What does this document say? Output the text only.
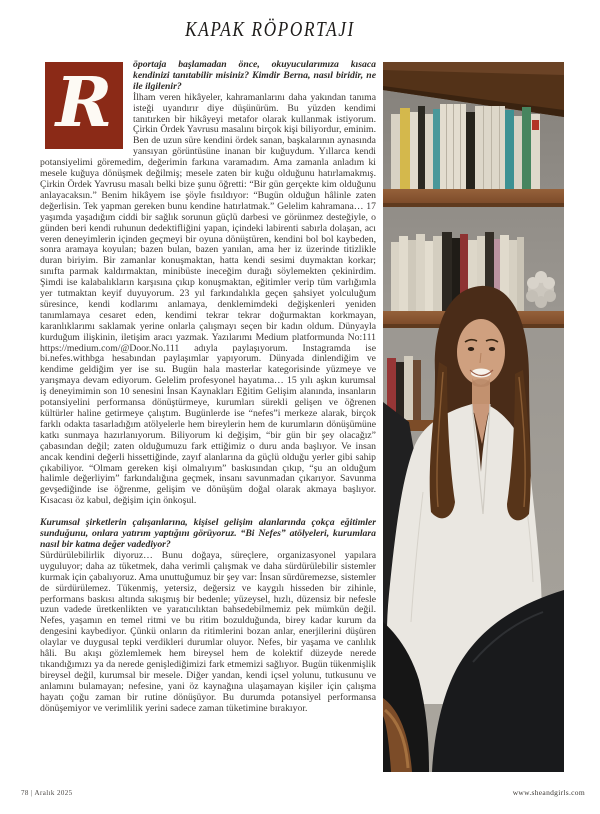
KAPAK RÖPORTAJI

R	öportaja başlamadan önce, okuyucularımıza kısaca kendinizi tanıtabilir misiniz? Kimdir Berna, nasıl biridir, ne ile ilgilenir?

İlham veren hikâyeler, kahramanlarını daha yakından tanıma isteği uyandırır diye düşünürüm. Bu yüzden kendimi tanıtırken bir hikâyeyi metafor olarak kullanmak istiyorum. Çirkin Ördek Yavrusu masalını birçok kişi biliyordur, eminim. Ben de uzun süre kendini ördek sanan, başkalarının aynasında yansıyan görüntüsüne inanan bir kuğuydum. Yıllarca kendi potansiyelimi göremedim, değerimin farkına varamadım. Ama zamanla anladım ki mesele kuğuya dönüşmek değilmiş; mesele zaten bir kuğu olduğunu hatırlamakmış. Çirkin Ördek Yavrusu masalı belki bize şunu öğretti: “Bir gün gerçekte kim olduğunu anlayacaksın.” Benim hikâyem ise şöyle fısıldıyor: “Bugün olduğun hâlinle zaten değerlisin. Tek yapman gereken bunu kendine hatırlatmak.” Gelelim kahramana… 17 yaşımda yaşadığım ciddi bir sağlık sorunun güçlü darbesi ve görünmez desteğiyle, o günden beri kendi ruhunun dedektifliğini yapan, içindeki labirenti sabırla dolaşan, acı veren deneyimlerin içinden geçmeyi bir oyuna dönüştüren, kendini bol bol kaybeden, sonra aramaya koyulan; bazen bulan, bazen yanılan, ama her iz üzerinde titizlikle duran biriyim. Bir zamanlar konuşmaktan, hatta kendi sesimi duymaktan korkar; sınıfta parmak kaldırmaktan, minibüste ineceğim durağı söylemekten çekinirdim. Şimdi ise kalabalıkların karşısına çıkıp konuşmaktan, eğitimler verip tüm varlığımla yer tutmaktan keyif duyuyorum. 23 yıl farkındalıkla geçen şahsiyet yolculuğum süresince, kendi kodlarımı anlamaya, denklemimdeki değişkenleri yeniden tanımlamaya cesaret eden, kendimi tekrar tekrar doğurmaktan korkmayan, karanlıklarımı saklamak yerine onlarla çalışmayı seçen bir kadın oldum. Dünyayla kurduğum ilişkinin, iletişim aracı yazmak. Yazılarımı Medium platformunda No:111 https://medium.com/@Door.No.111 adıyla paylaşıyorum. Instagramda ise bi.nefes.withbga hesabından paylaşımlar yapıyorum. Dünyada dinlendiğim ve kendime geldiğim yer ise su. Bugün hala masterlar kategorisinde yüzmeye ve yarışmaya devam ediyorum. Gelelim profesyonel hayatıma… 15 yılı aşkın kurumsal iş deneyimimin son 10 senesini İnsan Kaynakları Eğitim Gelişim alanında, insanların potansiyelini performansa dönüştürmeye, kurumları sürekli gelişen ve öğrenen kültürler haline getirmeye çalıştım. Bugünlerde ise “nefes”i merkeze alarak, birçok farklı odakta tasarladığım atölyelerle hem bireylerin hem de kurumların dönüşümüne katkı sunmaya hazırlanıyorum. Biliyorum ki değişim, “bir gün bir şey olacağız” çabasından değil; zaten olduğumuzu fark ettiğimiz o duru anda başlıyor. Ve insan ancak kendini değerli hissettiğinde, zayıf alanlarına da güçlü olduğu yerler gibi sahip çıkabiliyor. “Olmam gereken kişi olmalıyım” baskısından çıkıp, “şu an olduğum halimle değerliyim” farkındalığına geçmek, insanı savunmadan çıkarıyor. Savunma gevşediğinde ise öğrenme, gelişim ve dönüşüm doğal olarak akmaya başlıyor. Kısacası öz kabul, değişim için önkoşul.

Kurumsal şirketlerin çalışanlarına, kişisel gelişim alanlarında çokça eğitimler sunduğunu, onlara yatırım yaptığını görüyoruz. “Bi Nefes” atölyeleri, kurumlara nasıl bir katma değer vadediyor?

Sürdürülebilirlik diyoruz… Bunu doğaya, süreçlere, organizasyonel yapılara uyguluyor; daha az tüketmek, daha verimli çalışmak ve daha sürdürülebilir sistemler kurmak için çabalıyoruz. Ama unuttuğumuz bir şey var: İnsan sürdüremezse, sistemler de sürdürülemez. Tükenmiş, yetersiz, değersiz ve kaygılı hisseden bir zihinle, performans baskısı altında sıkışmış bir bedenle; yüzeysel, hızlı, düzensiz bir nefesle uzun vadede üretkenlikten ve yaratıcılıktan bahsedebilmemiz pek mümkün değil. Nefes, yaşamın en temel ritmi ve bu ritim bozulduğunda, birey kadar kurum da dengesini kaybediyor. Çünkü onların da ritimlerini bozan anlar, enerjilerini düşüren olaylar ve duygusal tepki verdikleri durumlar oluyor. Nefes, bir yaşama ve canlılık hâli. Bu akışı gözlemlemek hem bireysel hem de kolektif düzeyde nerede tıkandığımızı ya da nerede genişlediğimizi fark etmemizi sağlıyor. Bugün tükenmişlik bireysel değil, kurumsal bir mesele. Diğer yandan, kendi içsel yolunu, tutkusunu ve anlamını bulamayan; nefesine, yani öz kaynağına ulaşamayan kişiler için çalışma hayatı çoğu zaman bir rutine dönüşüyor. Bu durumda potansiyel performansa dönüşemiyor ve verimlilik yerini sadece zaman tüketimine bırakıyor.

78 | Aralık 2025	www.sheandgirls.com
